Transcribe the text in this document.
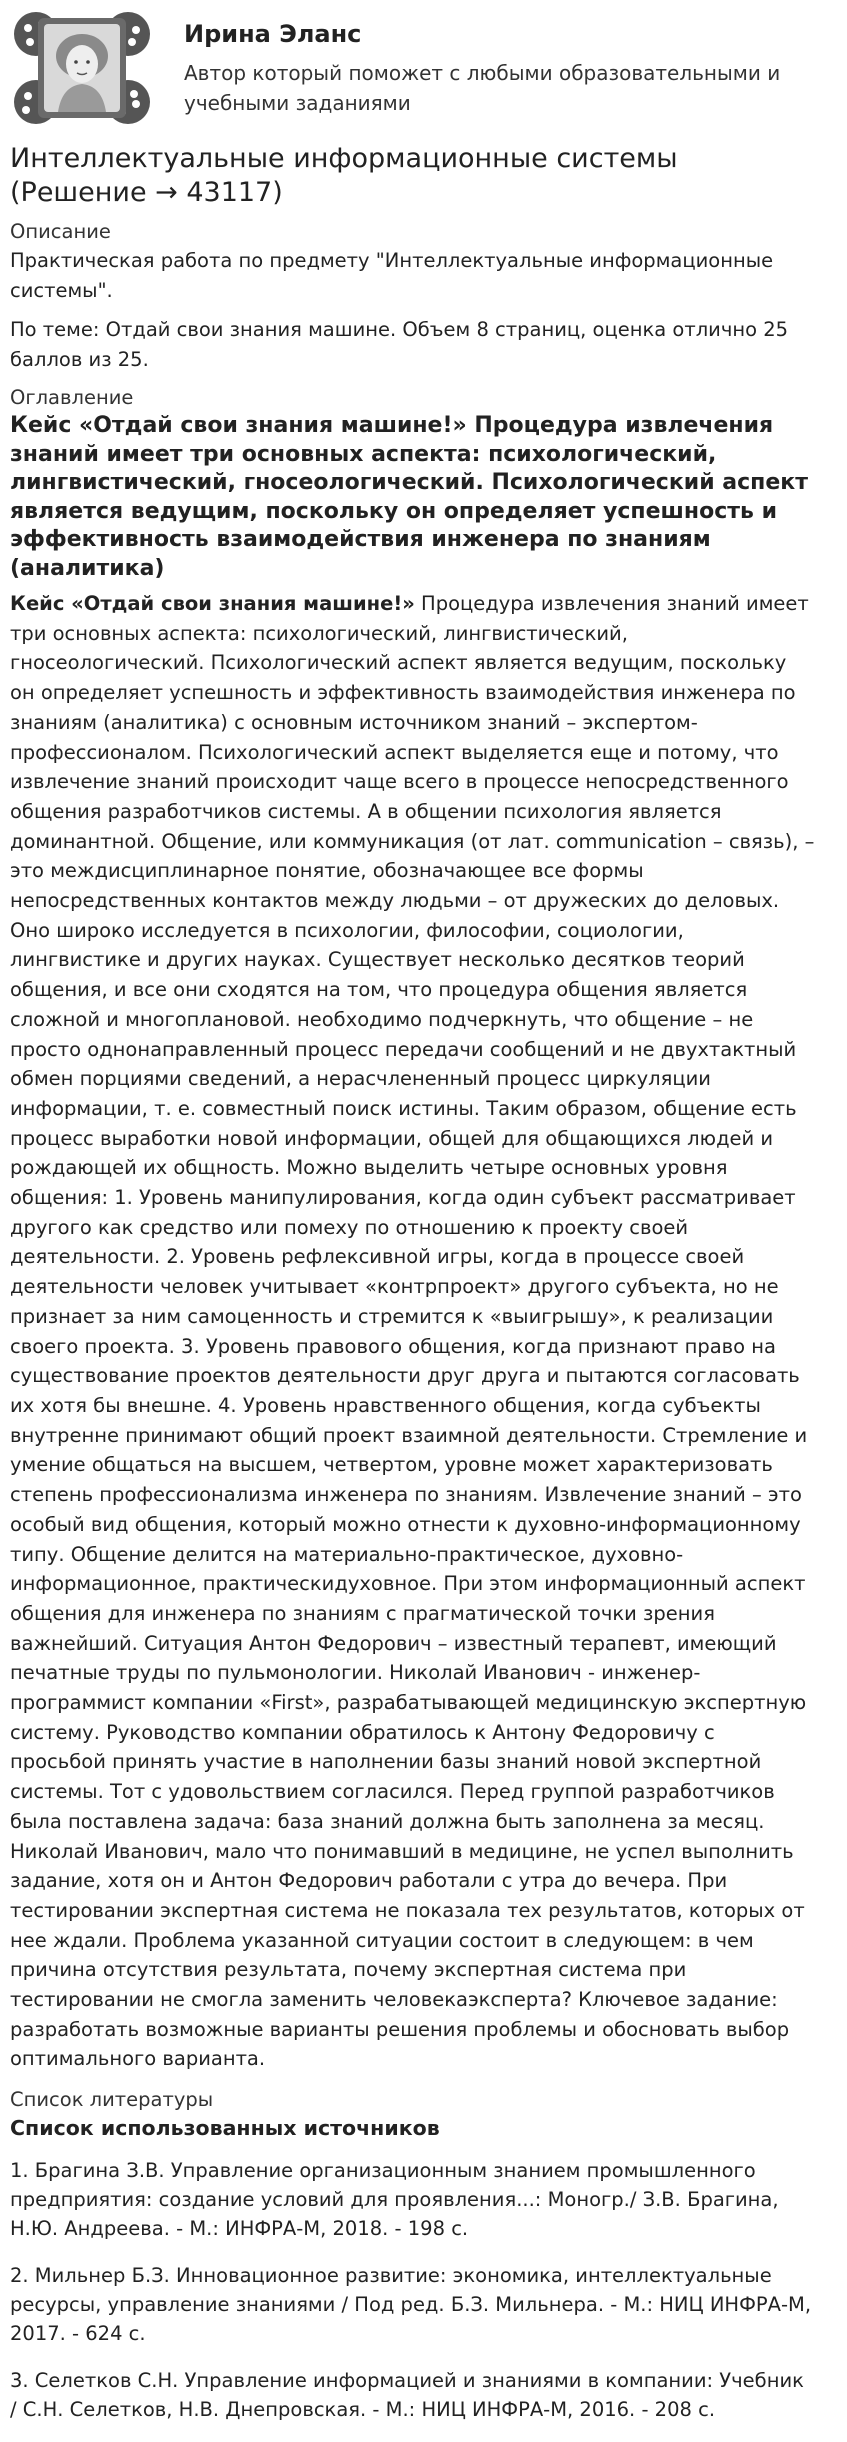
Ирина Эланс
Автор который поможет с любыми образовательными и учебными заданиями
Интеллектуальные информационные системы (Решение → 43117)
Описание

Практическая работа по предмету "Интеллектуальные информационные системы".

По теме: Отдай свои знания машине. Объем 8 страниц, оценка отлично 25 баллов из 25.

Оглавление
Кейс «Отдай свои знания машине!» Процедура извлечения знаний имеет три основных аспекта: психологический, лингвистический, гносеологический. Психологический аспект является ведущим, поскольку он определяет успешность и эффективность взаимодействия инженера по знаниям (аналитика)

Кейс «Отдай свои знания машине!» Процедура извлечения знаний имеет три основных аспекта: психологический, лингвистический, гносеологический. Психологический аспект является ведущим, поскольку он определяет успешность и эффективность взаимодействия инженера по знаниям (аналитика) с основным источником знаний – экспертом-профессионалом. Психологический аспект выделяется еще и потому, что извлечение знаний происходит чаще всего в процессе непосредственного общения разработчиков системы. А в общении психология является доминантной. Общение, или коммуникация (от лат. communication – связь), – это междисциплинарное понятие, обозначающее все формы непосредственных контактов между людьми – от дружеских до деловых. Оно широко исследуется в психологии, философии, социологии, лингвистике и других науках. Существует несколько десятков теорий общения, и все они сходятся на том, что процедура общения является сложной и многоплановой. необходимо подчеркнуть, что общение – не просто однонаправленный процесс передачи сообщений и не двухтактный обмен порциями сведений, а нерасчлененный процесс циркуляции информации, т. е. совместный поиск истины. Таким образом, общение есть процесс выработки новой информации, общей для общающихся людей и рождающей их общность. Можно выделить четыре основных уровня общения: 1. Уровень манипулирования, когда один субъект рассматривает другого как средство или помеху по отношению к проекту своей деятельности. 2. Уровень рефлексивной игры, когда в процессе своей деятельности человек учитывает «контрпроект» другого субъекта, но не признает за ним самоценность и стремится к «выигрышу», к реализации своего проекта. 3. Уровень правового общения, когда признают право на существование проектов деятельности друг друга и пытаются согласовать их хотя бы внешне. 4. Уровень нравственного общения, когда субъекты внутренне принимают общий проект взаимной деятельности. Стремление и умение общаться на высшем, четвертом, уровне может характеризовать степень профессионализма инженера по знаниям. Извлечение знаний – это особый вид общения, который можно отнести к духовно-информационному типу. Общение делится на материально-практическое, духовно-информационное, практическидуховное. При этом информационный аспект общения для инженера по знаниям с прагматической точки зрения важнейший. Ситуация Антон Федорович – известный терапевт, имеющий печатные труды по пульмонологии. Николай Иванович - инженер-программист компании «First», разрабатывающей медицинскую экспертную систему. Руководство компании обратилось к Антону Федоровичу с просьбой принять участие в наполнении базы знаний новой экспертной системы. Тот с удовольствием согласился. Перед группой разработчиков была поставлена задача: база знаний должна быть заполнена за месяц. Николай Иванович, мало что понимавший в медицине, не успел выполнить задание, хотя он и Антон Федорович работали с утра до вечера. При тестировании экспертная система не показала тех результатов, которых от нее ждали. Проблема указанной ситуации состоит в следующем: в чем причина отсутствия результата, почему экспертная система при тестировании не смогла заменить человекаэксперта? Ключевое задание: разработать возможные варианты решения проблемы и обосновать выбор оптимального варианта.

Список литературы
Список использованных источников

1. Брагина З.В. Управление организационным знанием промышленного предприятия: создание условий для проявления...: Моногр./ З.В. Брагина, Н.Ю. Андреева. - М.: ИНФРА-М, 2018. - 198 с.

2. Мильнер Б.З. Инновационное развитие: экономика, интеллектуальные ресурсы, управление знаниями / Под ред. Б.З. Мильнера. - М.: НИЦ ИНФРА-М, 2017. - 624 с.

3. Селетков С.Н. Управление информацией и знаниями в компании: Учебник / С.Н. Селетков, Н.В. Днепровская. - М.: НИЦ ИНФРА-М, 2016. - 208 с.
